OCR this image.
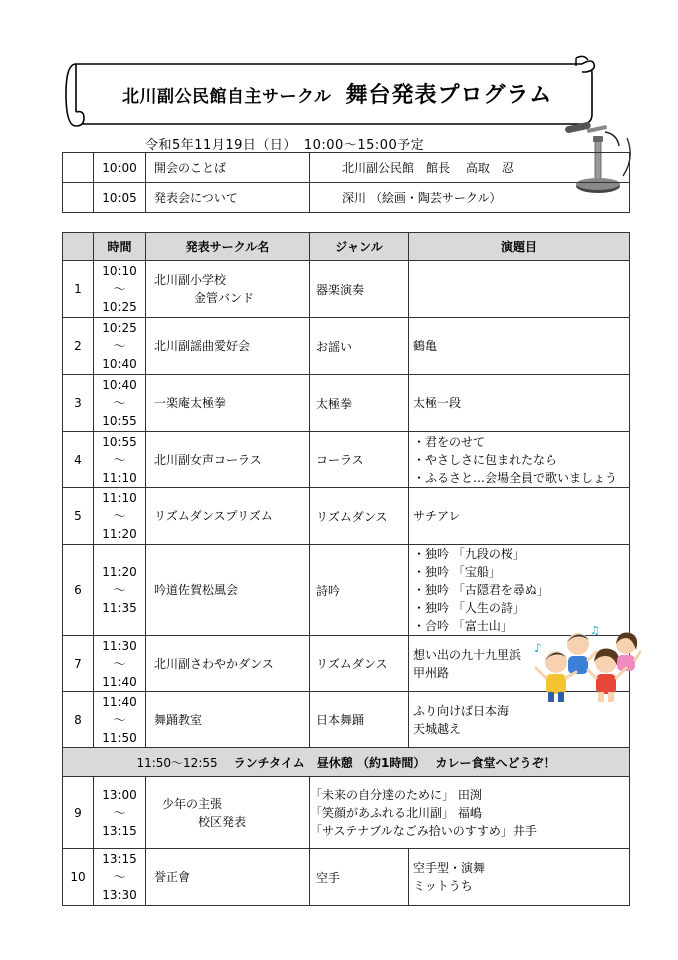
北川副公民館自主サークル 舞台発表プログラム
令和5年11月19日（日）　10:00～15:00予定
	10:00	開会のことば	北川副公民館　館長　 高取　忍
	10:05	発表会について	深川 （絵画・陶芸サークル）
	時間	発表サークル名	ジャンル	演題目
1	10:10
～
10:25	北川副小学校
金管バンド	器楽演奏	
2	10:25
～
10:40	北川副謡曲愛好会	お謡い	鶴亀
3	10:40
～
10:55	一楽庵太極拳	太極拳	太極一段
4	10:55
～
11:10	北川副女声コーラス	コーラス	・君をのせて
・やさしさに包まれたなら
・ふるさと…会場全員で歌いましょう
5	11:10
～
11:20	リズムダンスプリズム	リズムダンス	サチアレ
6	11:20
～
11:35	吟道佐賀松風会	詩吟	・独吟 「九段の桜」
・独吟 「宝船」
・独吟 「古隠君を尋ぬ」
・独吟 「人生の詩」
・合吟 「富士山」
7	11:30
～
11:40	北川副さわやかダンス	リズムダンス	想い出の九十九里浜
甲州路
8	11:40
～
11:50	舞踊教室	日本舞踊	ふり向けば日本海
天城越え
11:50～12:55 ランチタイム　昼休憩 （約1時間）　 カレー食堂へどうぞ！				
9	13:00
～
13:15	少年の主張
校区発表	「未来の自分達のために」 田渕
「笑顔があふれる北川副」 福嶋
「サステナブルなごみ拾いのすすめ」井手	
10	13:15
～
13:30	誉正會	空手	空手型・演舞
ミットうち
♪
♫
